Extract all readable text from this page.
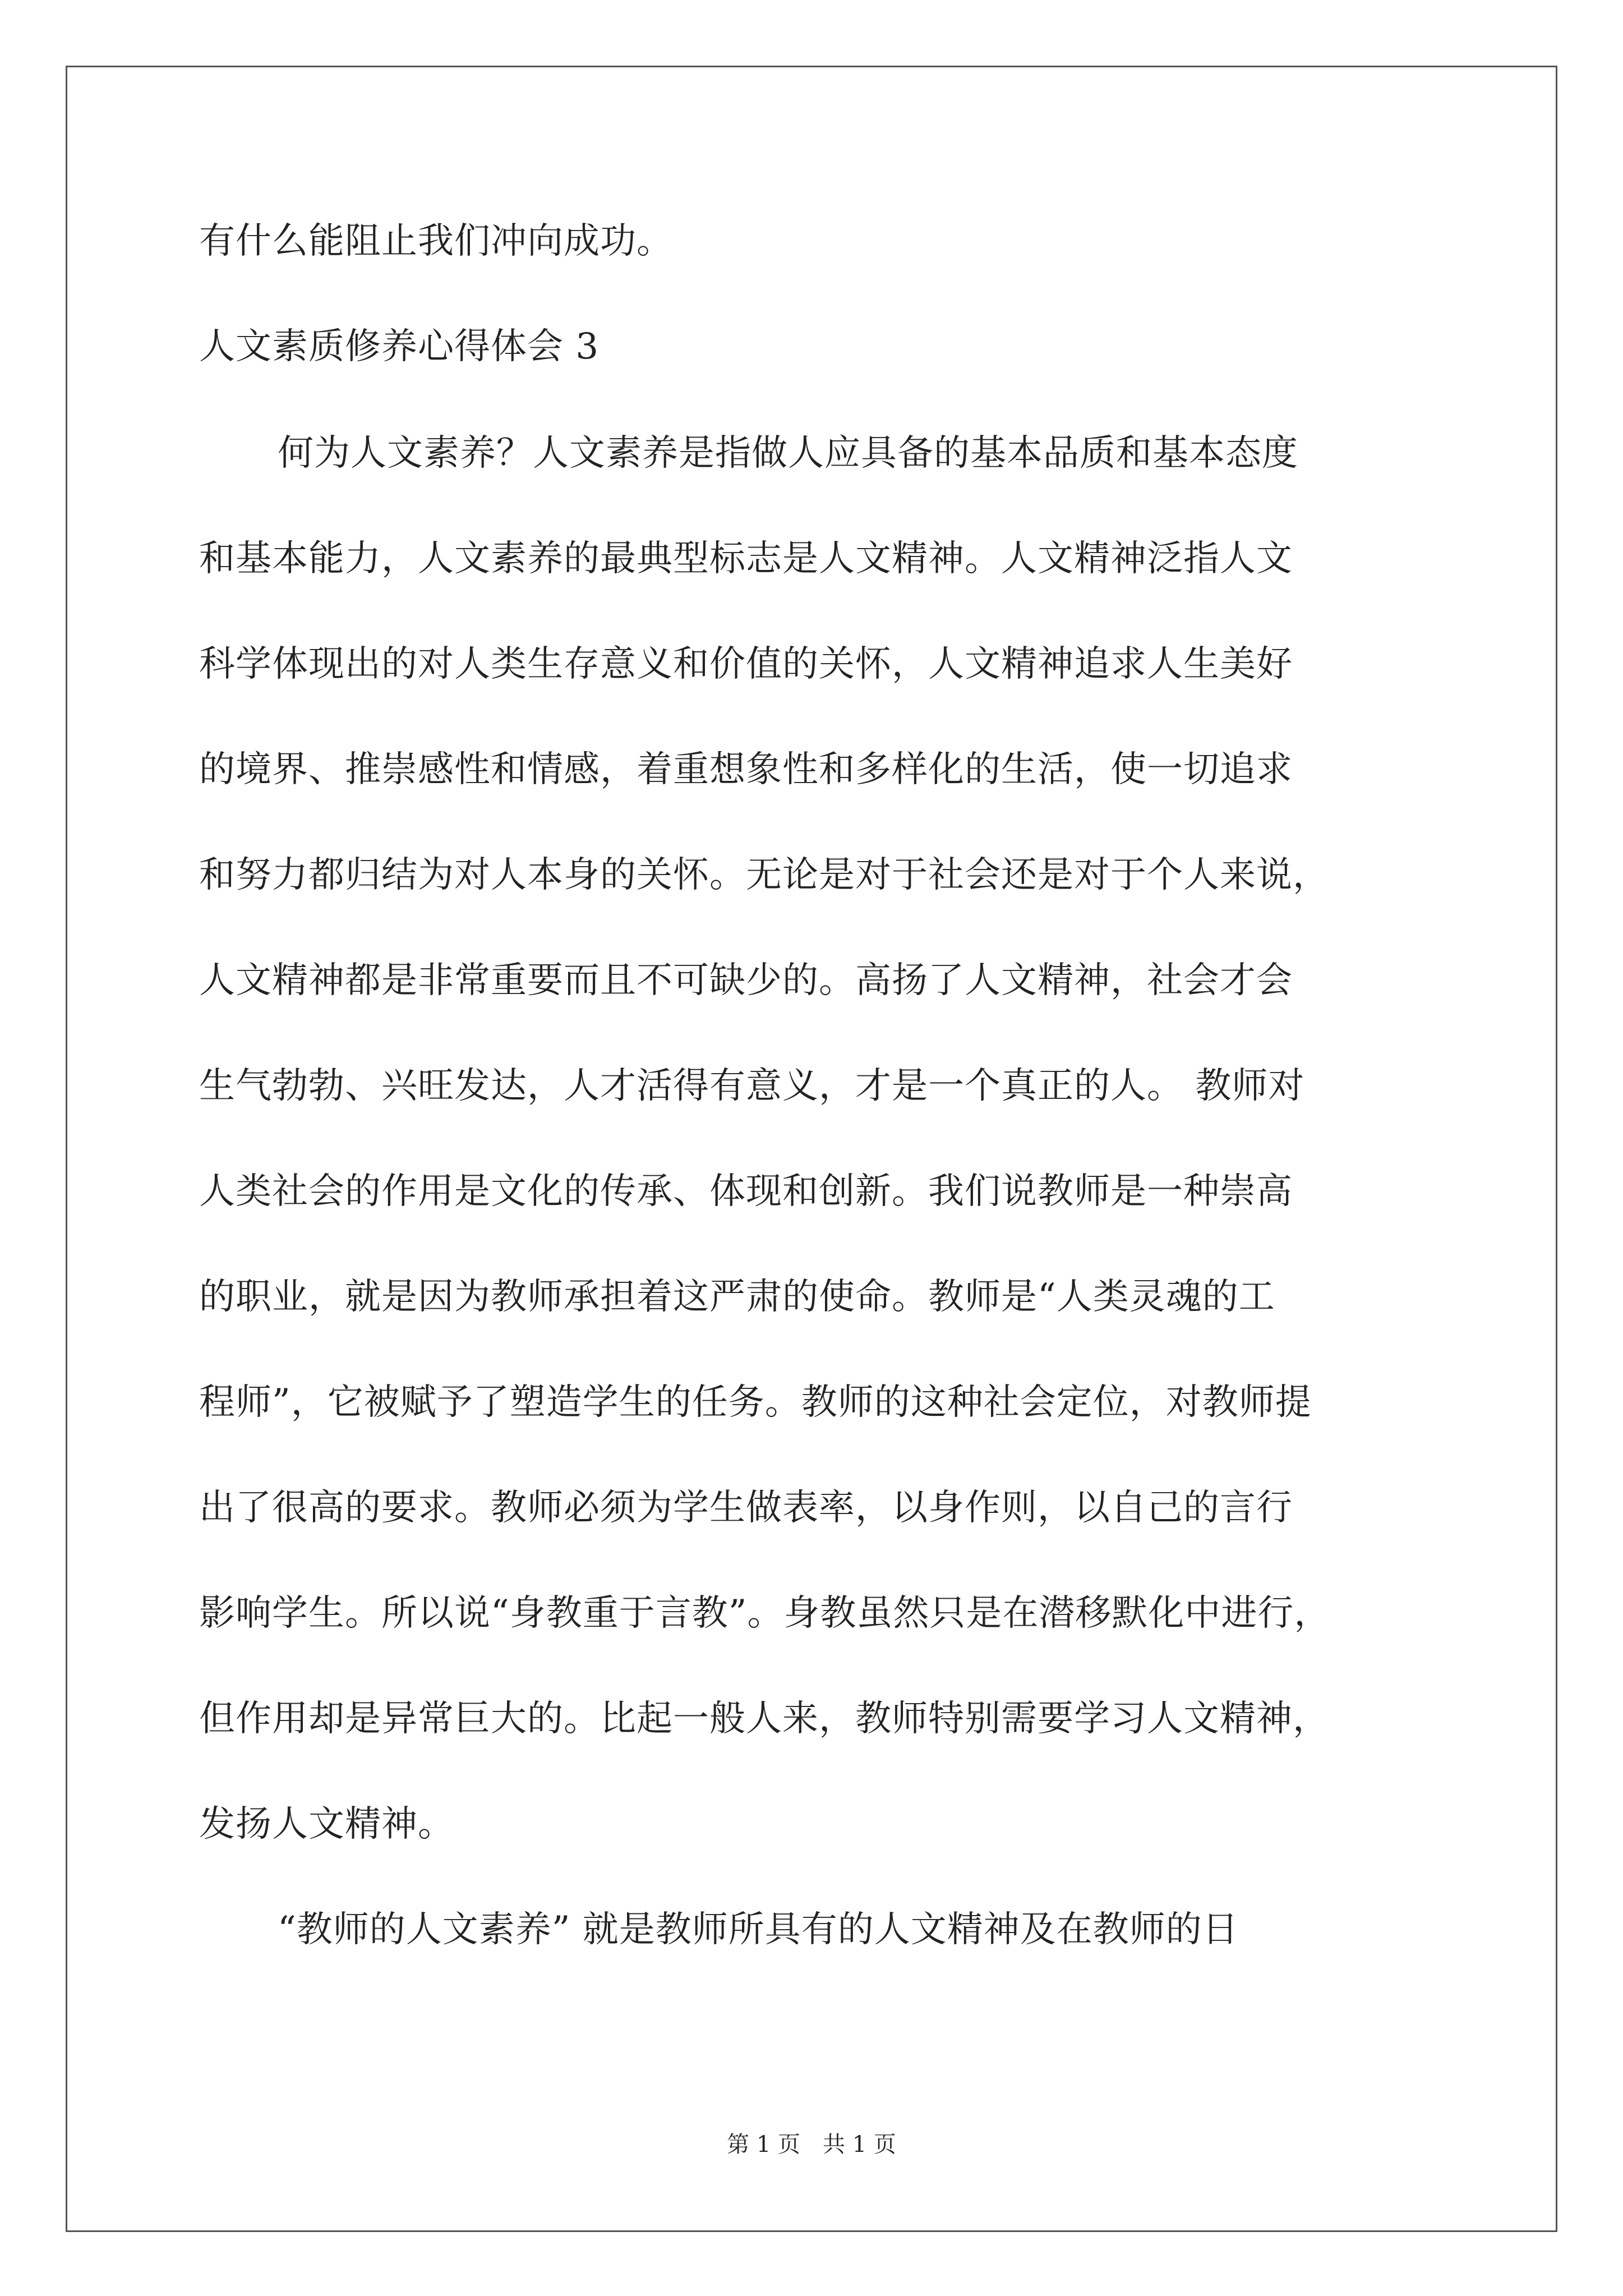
有什么能阻止我们冲向成功。
人文素质修养心得体会 3
何为人文素养？人文素养是指做人应具备的基本品质和基本态度
和基本能力，人文素养的最典型标志是人文精神。人文精神泛指人文
科学体现出的对人类生存意义和价值的关怀，人文精神追求人生美好
的境界、推崇感性和情感，着重想象性和多样化的生活，使一切追求
和努力都归结为对人本身的关怀。无论是对于社会还是对于个人来说，
人文精神都是非常重要而且不可缺少的。高扬了人文精神，社会才会
生气勃勃、兴旺发达，人才活得有意义，才是一个真正的人。 教师对
人类社会的作用是文化的传承、体现和创新。我们说教师是一种崇高
的职业，就是因为教师承担着这严肃的使命。教师是“人类灵魂的工
程师”，它被赋予了塑造学生的任务。教师的这种社会定位，对教师提
出了很高的要求。教师必须为学生做表率，以身作则，以自己的言行
影响学生。所以说“身教重于言教”。身教虽然只是在潜移默化中进行，
但作用却是异常巨大的。比起一般人来，教师特别需要学习人文精神，
发扬人文精神。
“教师的人文素养” 就是教师所具有的人文精神及在教师的日
第 1 页　共 1 页
